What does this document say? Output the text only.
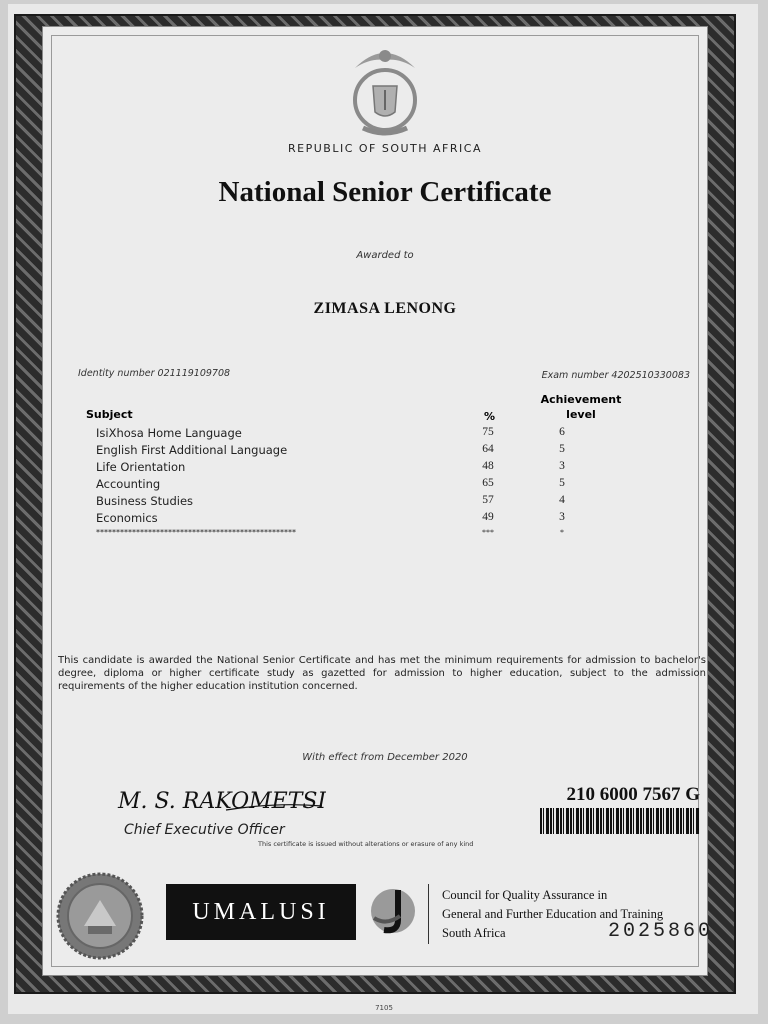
REPUBLIC OF SOUTH AFRICA
National Senior Certificate
Awarded to
ZIMASA LENONG
Identity number 021119109708	Exam number 4202510330083
Subject	%
Achievement
level
IsiXhosa Home Language	75	6
English First Additional Language	64	5
Life Orientation	48	3
Accounting	65	5
Business Studies	57	4
Economics	49	3
**************************************************	***	*
This candidate is awarded the National Senior Certificate and has met the minimum requirements for admission to bachelor's degree, diploma or higher certificate study as gazetted for admission to higher education, subject to the admission requirements of the higher education institution concerned.
With effect from December 2020
M. S. RAKOMETSI
Chief Executive Officer
This certificate is issued without alterations or erasure of any kind
210 6000 7567 G
UMALUSI
Council for Quality Assurance in
General and Further Education and Training
South Africa	2025860
7105
